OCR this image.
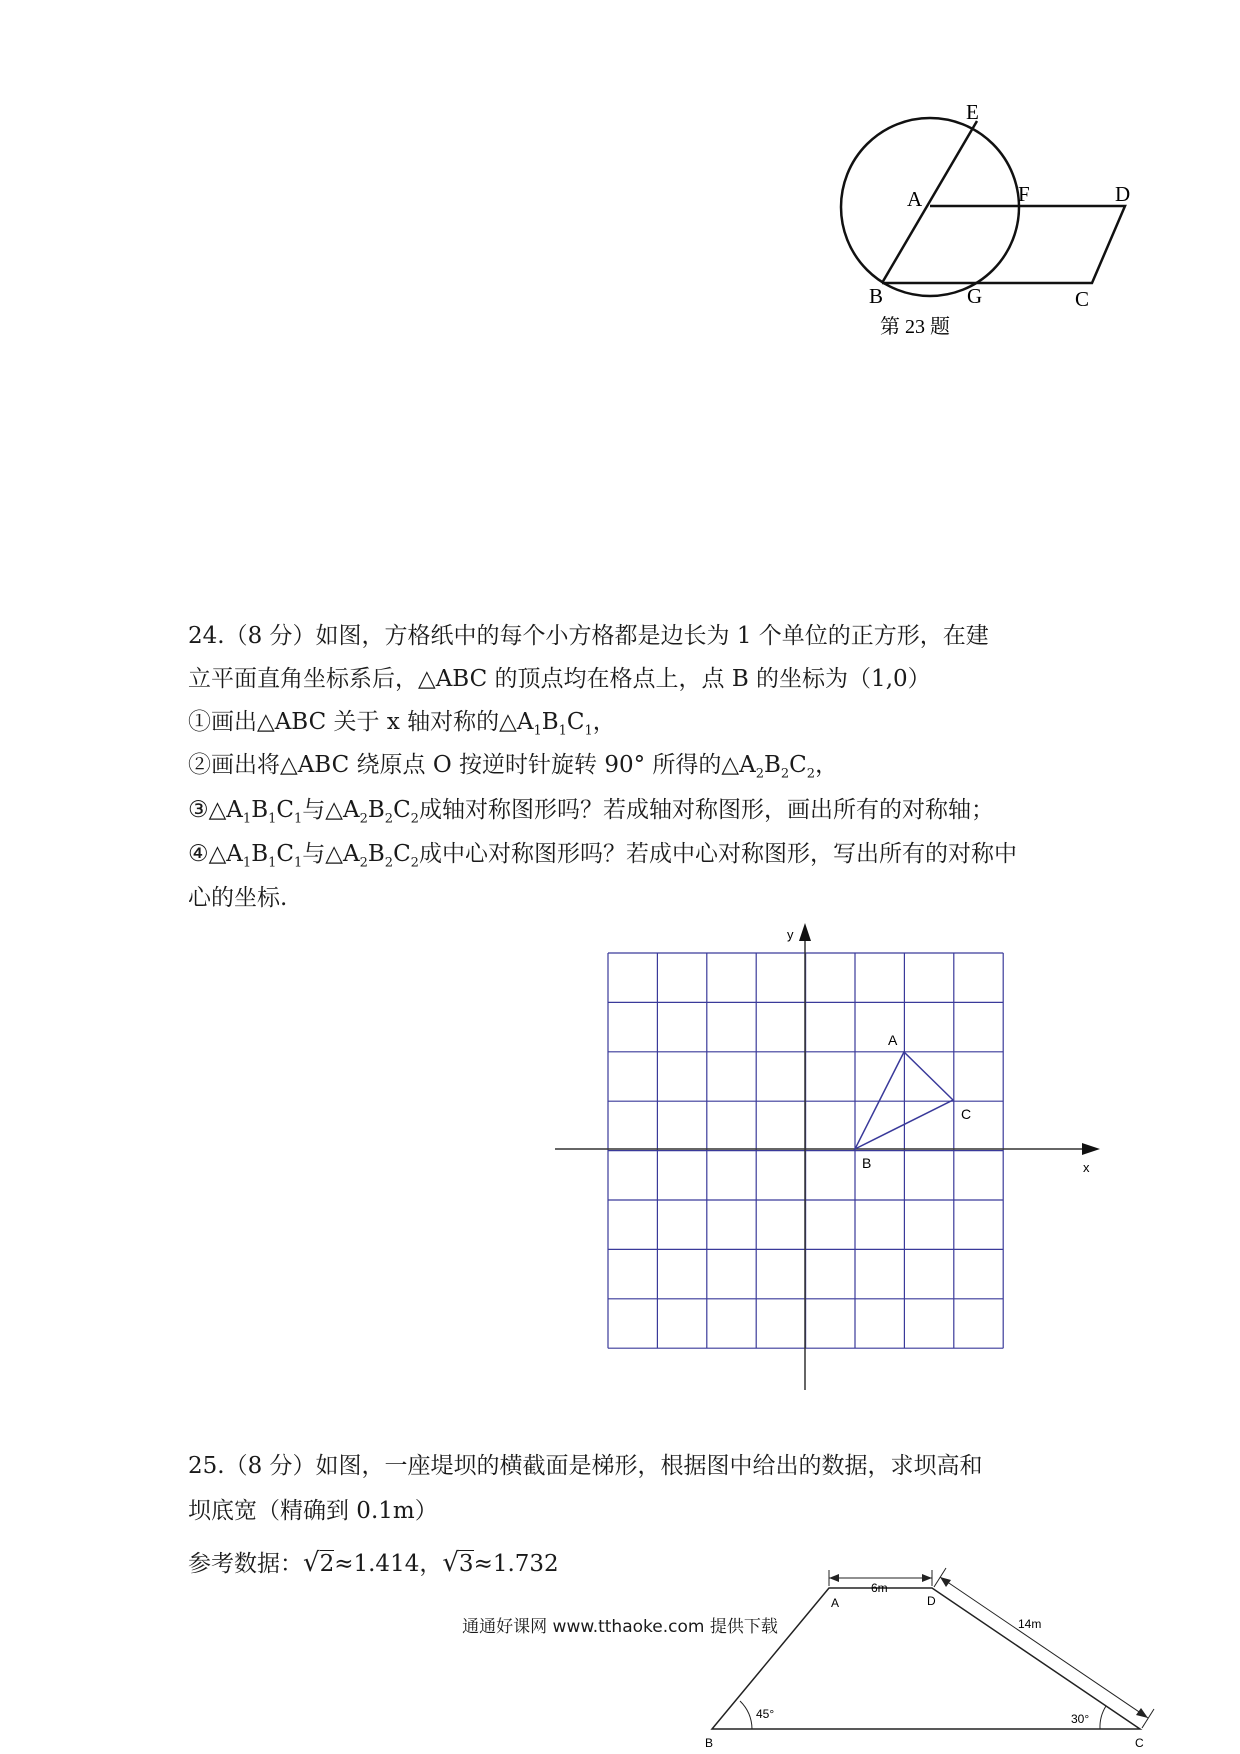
E
A	F	D
B	G	C
第 23 题
24.（8 分）如图，方格纸中的每个小方格都是边长为 1 个单位的正方形，在建
立平面直角坐标系后，△ABC 的顶点均在格点上，点 B 的坐标为（1,0）
①画出△ABC 关于 x 轴对称的$\triangle A_1B_1C_1$，
②画出将△ABC 绕原点 O 按逆时针旋转 90° 所得的$\triangle A_2B_2C_2$，
$③\triangle A_1B_1C_1$与$\triangle A_2B_2C_2$成轴对称图形吗？若成轴对称图形，画出所有的对称轴；
$④\triangle A_1B_1C_1$与$\triangle A_2B_2C_2$成中心对称图形吗？若成中心对称图形，写出所有的对称中
心的坐标.
x
y
A
B
C
25.（8 分）如图，一座堤坝的横截面是梯形，根据图中给出的数据，求坝高和
坝底宽（精确到 0.1m）
参考数据：√2≈1.414，√3≈1.732
6m
14m
45°	30°
A	D
B	C
通通好课网 www.tthaoke.com 提供下载
